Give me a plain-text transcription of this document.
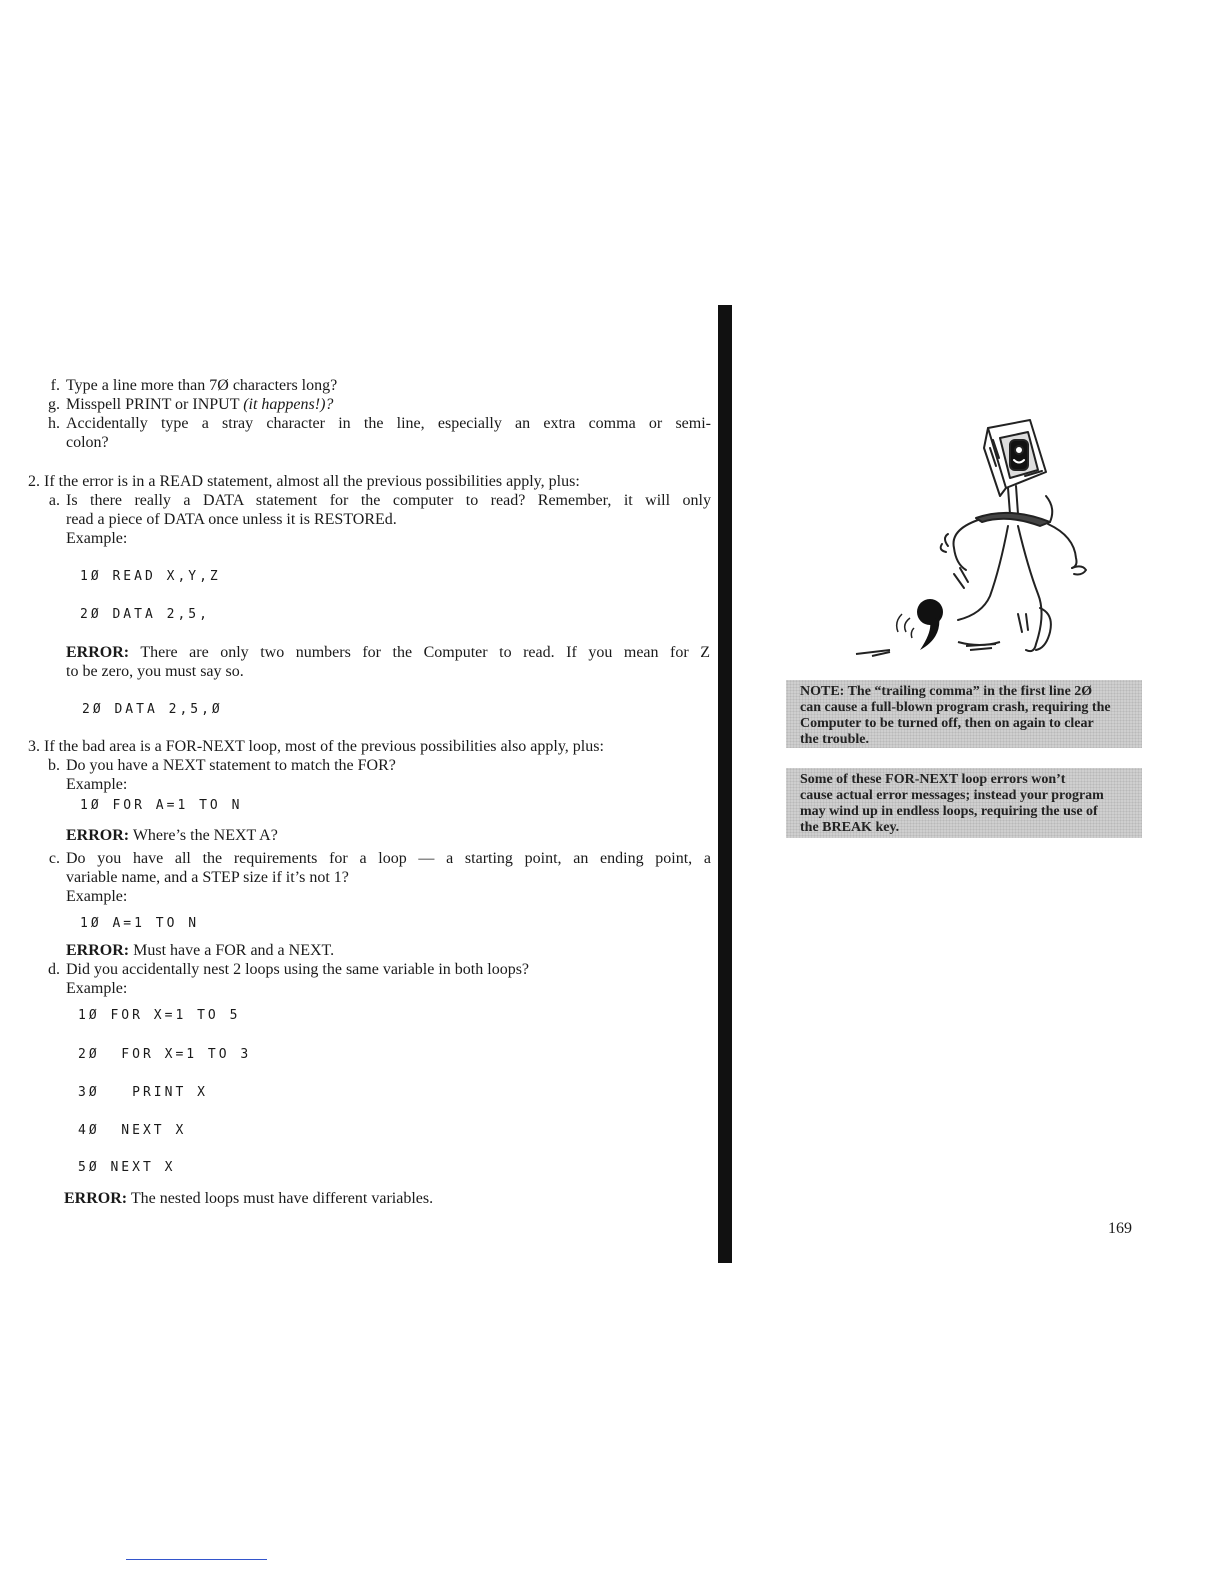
f. Type a line more than 7Ø characters long?
g. Misspell PRINT or INPUT (it happens!)?
h. Accidentally type a stray character in the line, especially an extra comma or semi-
colon?
2. If the error is in a READ statement, almost all the previous possibilities apply, plus:
a. Is there really a DATA statement for the computer to read? Remember, it will only
read a piece of DATA once unless it is RESTOREd.
Example:
1Ø READ X,Y,Z
2Ø DATA 2,5,
ERROR: There are only two numbers for the Computer to read. If you mean for Z
to be zero, you must say so.
2Ø DATA 2,5,Ø
3. If the bad area is a FOR-NEXT loop, most of the previous possibilities also apply, plus:
b. Do you have a NEXT statement to match the FOR?
Example:
1Ø FOR A=1 TO N
ERROR: Where’s the NEXT A?
c. Do you have all the requirements for a loop — a starting point, an ending point, a
variable name, and a STEP size if it’s not 1?
Example:
1Ø A=1 TO N
ERROR: Must have a FOR and a NEXT.
d. Did you accidentally nest 2 loops using the same variable in both loops?
Example:
1Ø FOR X=1 TO 5
2Ø  FOR X=1 TO 3
3Ø   PRINT X
4Ø  NEXT X
5Ø NEXT X
ERROR: The nested loops must have different variables.
NOTE: The “trailing comma” in the first line 2Ø
can cause a full-blown program crash, requiring the
Computer to be turned off, then on again to clear
the trouble.
Some of these FOR-NEXT loop errors won’t
cause actual error messages; instead your program
may wind up in endless loops, requiring the use of
the BREAK key.
169
